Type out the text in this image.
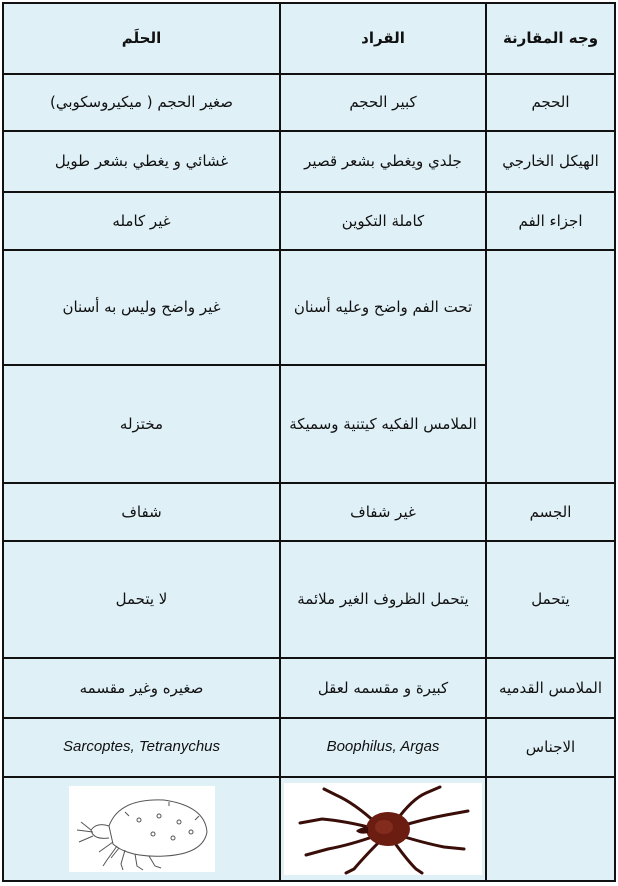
وجه المقارنة	القراد	الحلَم
الحجم	كبير الحجم	صغير الحجم ( ميكيروسكوبي)
الهيكل الخارجي	جلدي ويغطي بشعر قصير	غشائي و يغطي بشعر طويل
اجزاء الفم	كاملة التكوين	غير كامله
	تحت الفم واضح وعليه أسنان	غير واضح وليس به أسنان
	الملامس الفكيه كيتنية وسميكة	مختزله
الجسم	غير شفاف	شفاف
يتحمل	يتحمل الظروف الغير ملائمة	لا يتحمل
الملامس القدميه	كبيرة و مقسمه لعقل	صغيره وغير مقسمه
الاجناس	Boophilus, Argas	Sarcoptes, Tetranychus
